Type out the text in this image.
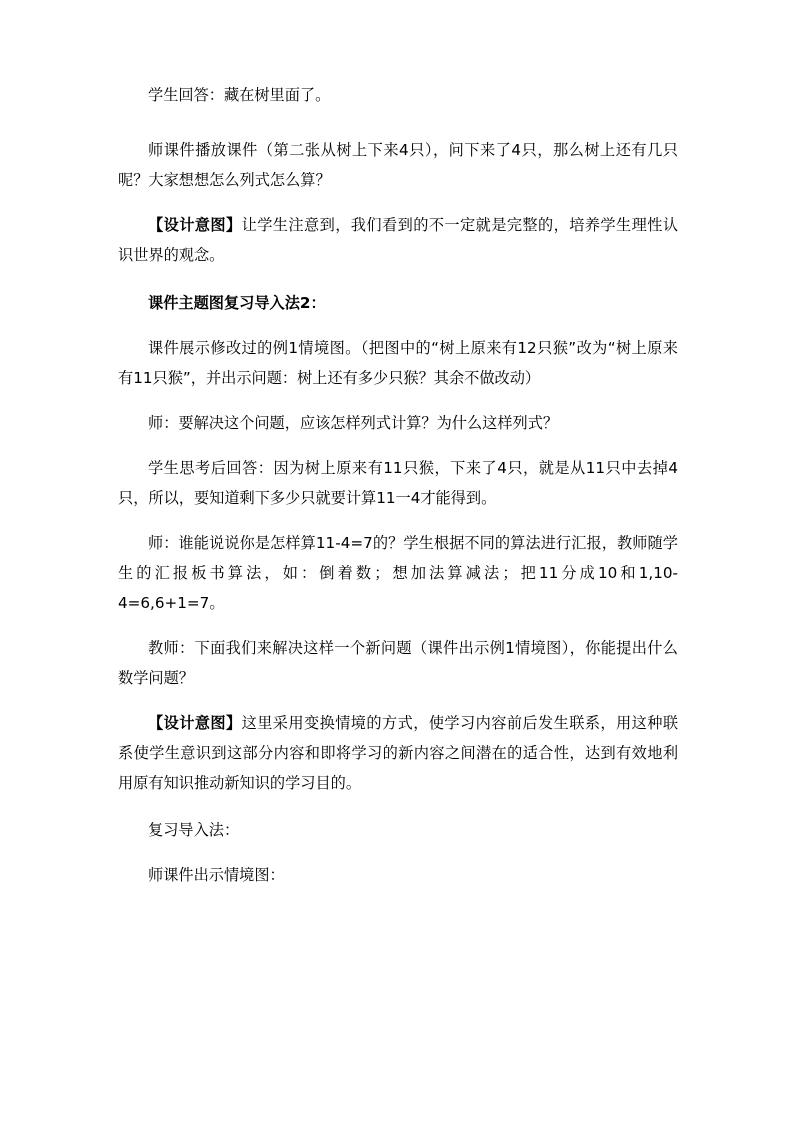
学生回答：藏在树里面了。

师课件播放课件（第二张从树上下来4只），问下来了4只，那么树上还有几只呢？大家想想怎么列式怎么算？

【设计意图】让学生注意到，我们看到的不一定就是完整的，培养学生理性认识世界的观念。

课件主题图复习导入法2：

课件展示修改过的例1情境图。（把图中的“树上原来有12只猴”改为“树上原来有11只猴”，并出示问题：树上还有多少只猴？其余不做改动）

师：要解决这个问题，应该怎样列式计算？为什么这样列式？

学生思考后回答：因为树上原来有11只猴，下来了4只，就是从11只中去掉4只，所以，要知道剩下多少只就要计算11一4才能得到。

师：谁能说说你是怎样算11-4=7的？学生根据不同的算法进行汇报，教师随学生的汇报板书算法，如：倒着数；想加法算减法；把11分成10和1,10-4=6,6+1=7。

教师：下面我们来解决这样一个新问题（课件出示例1情境图），你能提出什么数学问题？

【设计意图】这里采用变换情境的方式，使学习内容前后发生联系，用这种联系使学生意识到这部分内容和即将学习的新内容之间潜在的适合性，达到有效地利用原有知识推动新知识的学习目的。

复习导入法：

师课件出示情境图：
